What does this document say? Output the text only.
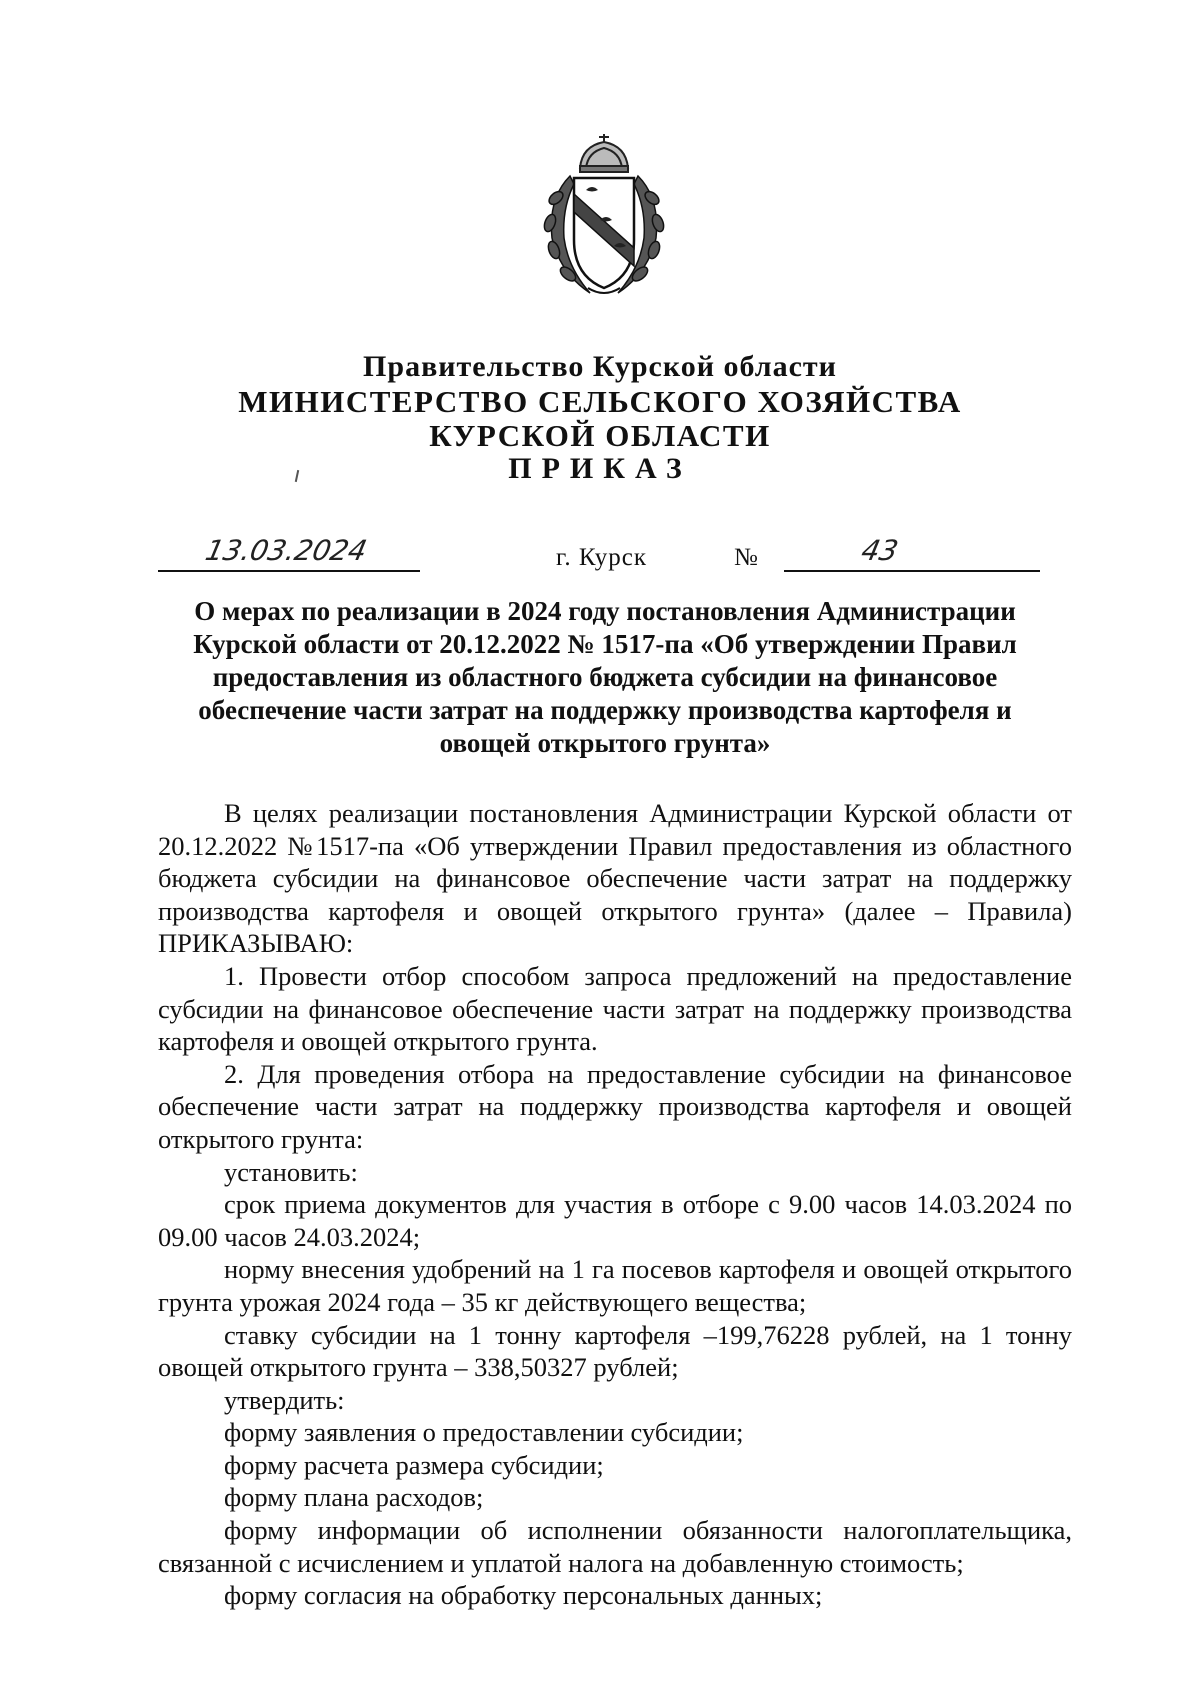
Правительство Курской области
МИНИСТЕРСТВО СЕЛЬСКОГО ХОЗЯЙСТВА
КУРСКОЙ ОБЛАСТИ
ПРИКАЗ
13.03.2024	г. Курск	№	43
О мерах по реализации в 2024 году постановления Администрации Курской области от 20.12.2022 № 1517-па «Об утверждении Правил предоставления из областного бюджета субсидии на финансовое обеспечение части затрат на поддержку производства картофеля и овощей открытого грунта»

В целях реализации постановления Администрации Курской области от 20.12.2022 №1517-па «Об утверждении Правил предоставления из областного бюджета субсидии на финансовое обеспечение части затрат на поддержку производства картофеля и овощей открытого грунта» (далее – Правила) ПРИКАЗЫВАЮ:

1. Провести отбор способом запроса предложений на предоставление субсидии на финансовое обеспечение части затрат на поддержку производства картофеля и овощей открытого грунта.

2. Для проведения отбора на предоставление субсидии на финансовое обеспечение части затрат на поддержку производства картофеля и овощей открытого грунта:

установить:

срок приема документов для участия в отборе с 9.00 часов 14.03.2024 по 09.00 часов 24.03.2024;

норму внесения удобрений на 1 га посевов картофеля и овощей открытого грунта урожая 2024 года – 35 кг действующего вещества;

ставку субсидии на 1 тонну картофеля –199,76228 рублей, на 1 тонну овощей открытого грунта – 338,50327 рублей;

утвердить:

форму заявления о предоставлении субсидии;

форму расчета размера субсидии;

форму плана расходов;

форму информации об исполнении обязанности налогоплательщика, связанной с исчислением и уплатой налога на добавленную стоимость;

форму согласия на обработку персональных данных;
